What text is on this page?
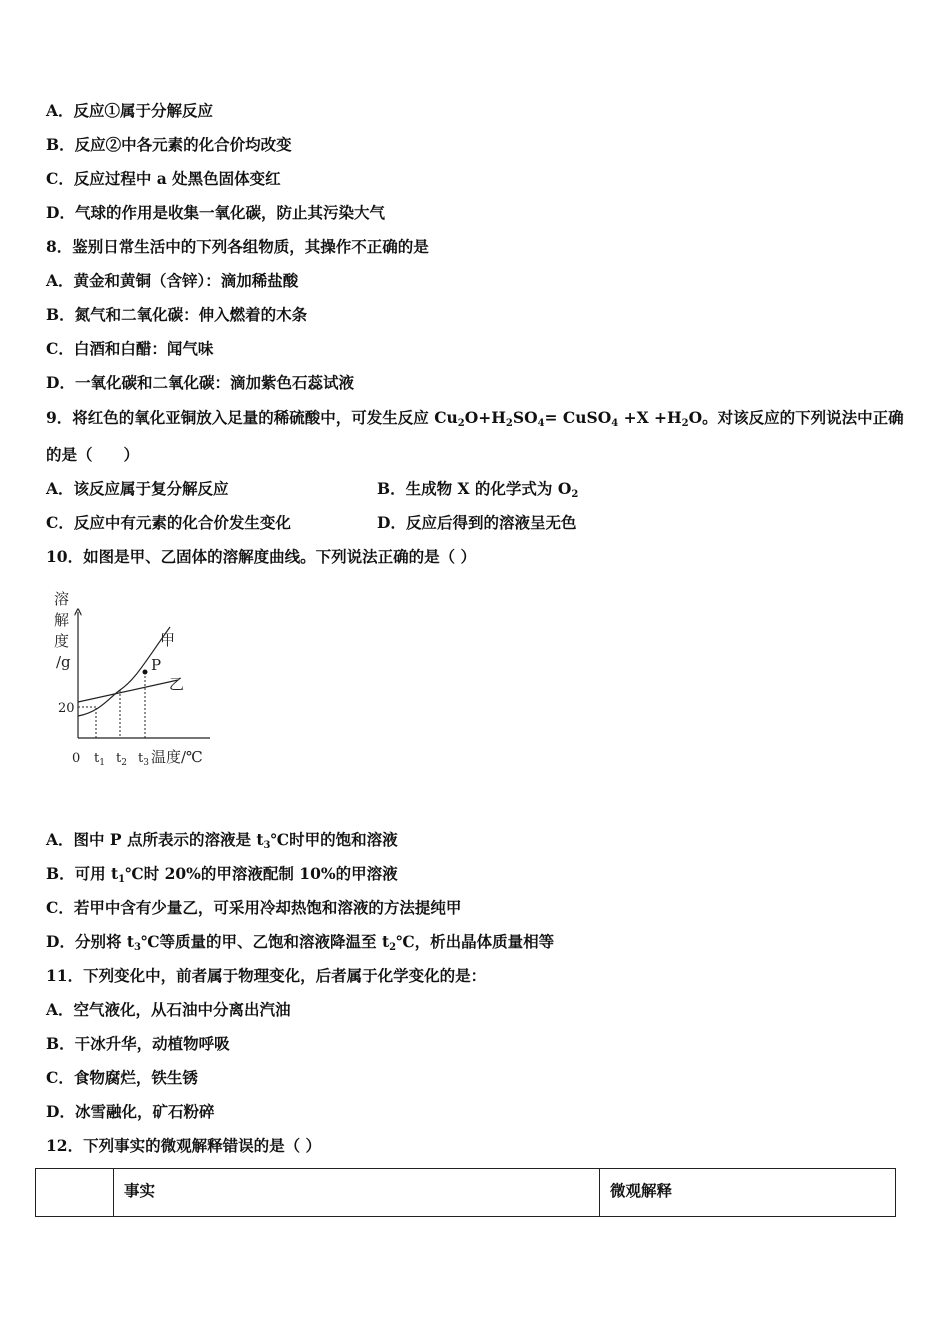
A．反应①属于分解反应
B．反应②中各元素的化合价均改变
C．反应过程中 a 处黑色固体变红
D．气球的作用是收集一氧化碳，防止其污染大气
8．鉴别日常生活中的下列各组物质，其操作不正确的是
A．黄金和黄铜（含锌）：滴加稀盐酸
B．氮气和二氧化碳：伸入燃着的木条
C．白酒和白醋：闻气味
D．一氧化碳和二氧化碳：滴加紫色石蕊试液
9．将红色的氧化亚铜放入足量的稀硫酸中，可发生反应 $Cu_2O+H_2SO_4=$ CuSO$_4$ $+X +H_2O$。对该反应的下列说法中正确
的是（　　）
A．该反应属于复分解反应	B．生成物 X 的化学式为 $O_2$
C．反应中有元素的化合价发生变化	D．反应后得到的溶液呈无色
10．如图是甲、乙固体的溶解度曲线。下列说法正确的是（ ）
溶
解
度
/g
20
P
甲
乙
0 $t_1$ $t_2$ $t_3$ 温度/℃
A．图中 P 点所表示的溶液是 $t_3℃$时甲的饱和溶液
B．可用 $t_1℃$时 20%的甲溶液配制 10%的甲溶液
C．若甲中含有少量乙，可采用冷却热饱和溶液的方法提纯甲
D．分别将 $t_3℃$等质量的甲、乙饱和溶液降温至 $t_2℃$，析出晶体质量相等
11．下列变化中，前者属于物理变化，后者属于化学变化的是：
A．空气液化，从石油中分离出汽油
B．干冰升华，动植物呼吸
C．食物腐烂，铁生锈
D．冰雪融化，矿石粉碎
12．下列事实的微观解释错误的是（ ）
	事实	微观解释
